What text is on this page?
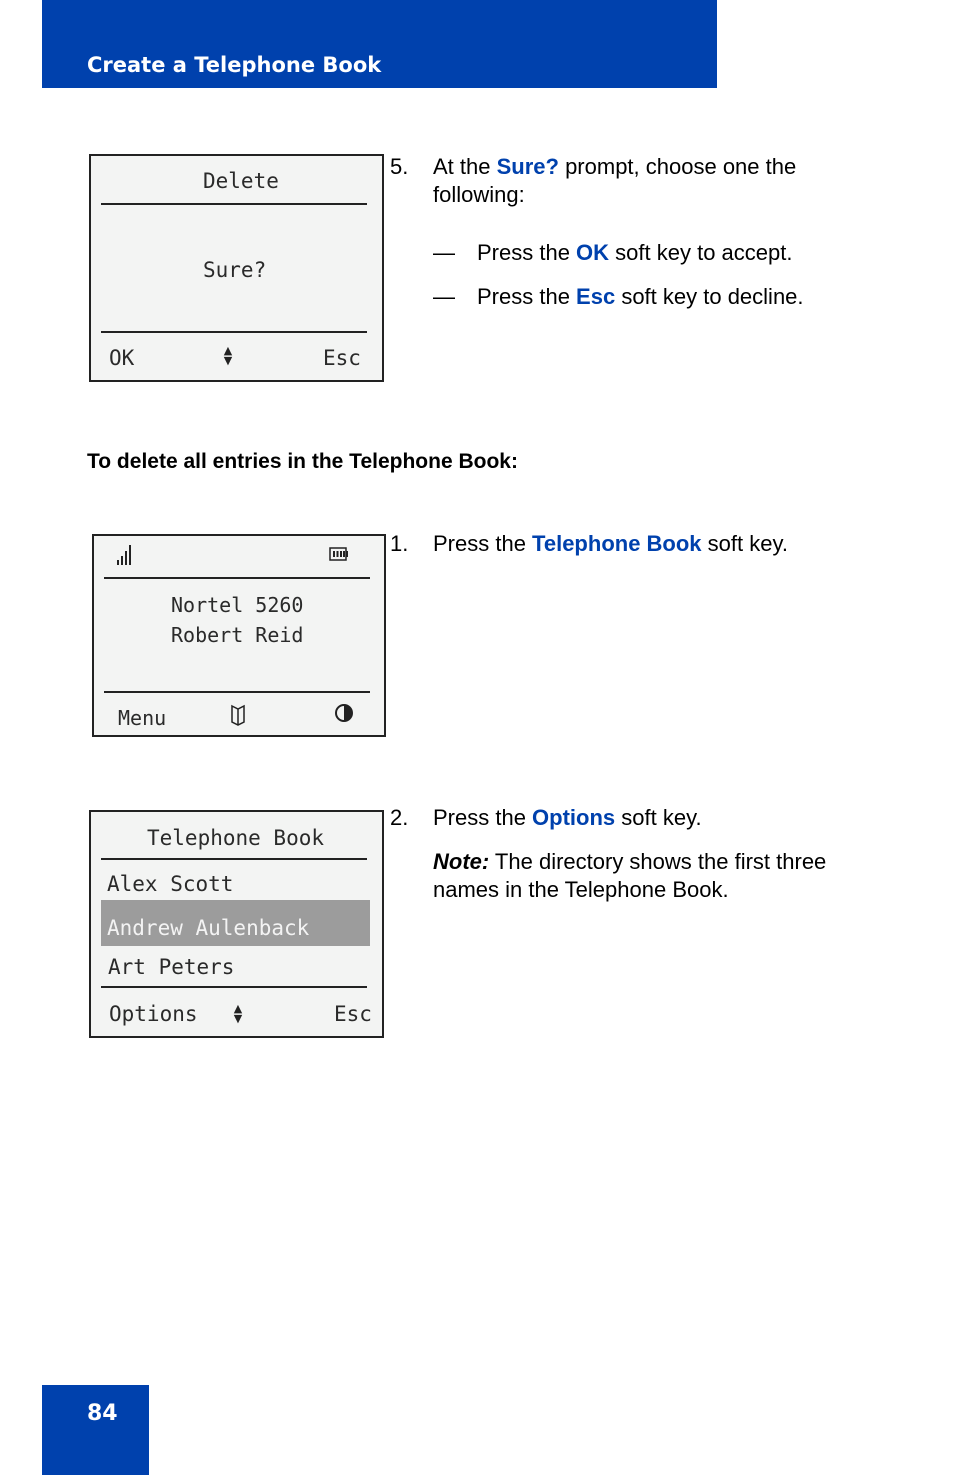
Create a Telephone Book
Delete
Sure?
OK	▲
▼	Esc
5. At the Sure? prompt, choose one the following:
— Press the OK soft key to accept.
— Press the Esc soft key to decline.
To delete all entries in the Telephone Book:
Nortel 5260
Robert Reid
Menu
1. Press the Telephone Book soft key.
Telephone Book
Alex Scott
Andrew Aulenback
Art Peters
Options	▲
▼	Esc
2. Press the Options soft key.
Note: The directory shows the first three names in the Telephone Book.
84
